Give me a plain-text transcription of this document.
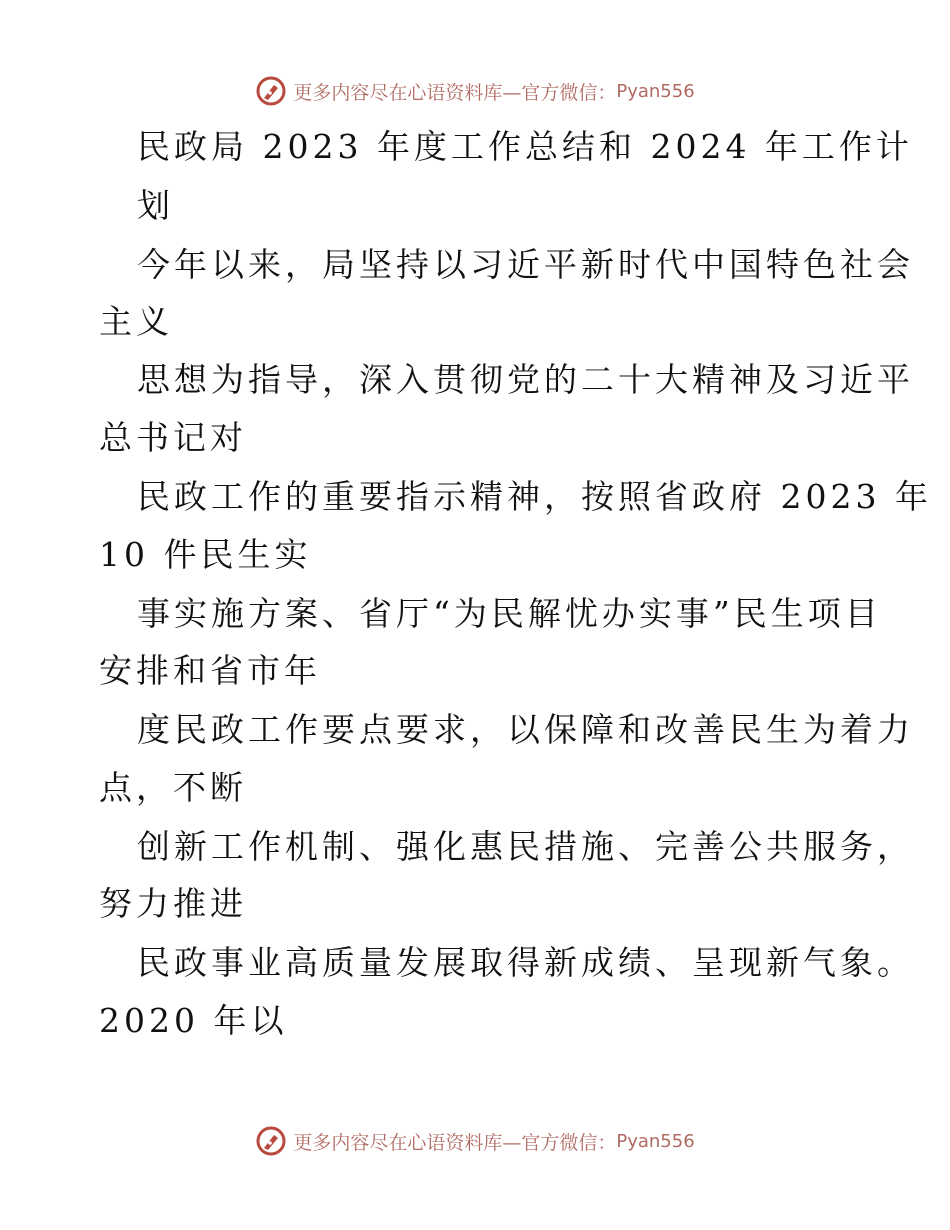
更多内容尽在心语资料库—官方微信： Pyan556
民政局 2023 年度工作总结和 2024 年工作计
划
今年以来，局坚持以习近平新时代中国特色社会
主义
思想为指导，深入贯彻党的二十大精神及习近平
总书记对
民政工作的重要指示精神，按照省政府 2023 年
10 件民生实
事实施方案、省厅“为民解忧办实事”民生项目
安排和省市年
度民政工作要点要求，以保障和改善民生为着力
点，不断
创新工作机制、强化惠民措施、完善公共服务，
努力推进
民政事业高质量发展取得新成绩、呈现新气象。
2020 年以
更多内容尽在心语资料库—官方微信： Pyan556
